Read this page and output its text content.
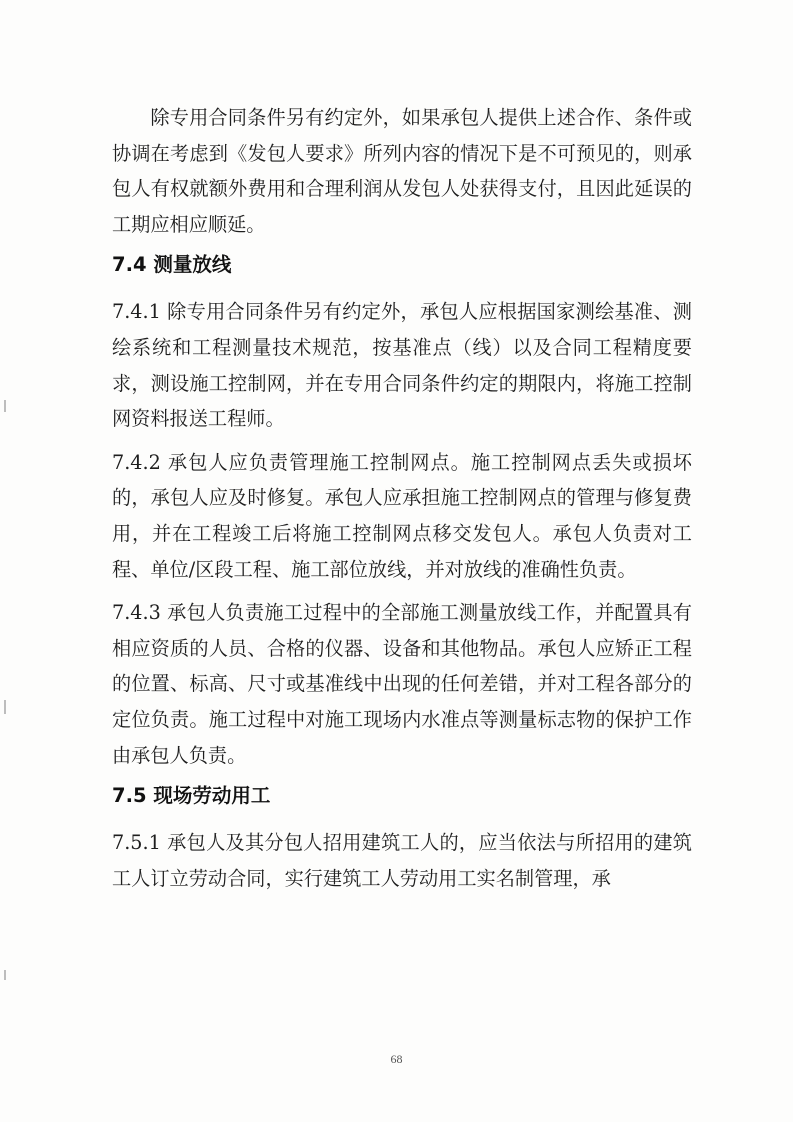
除专用合同条件另有约定外，如果承包人提供上述合作、条件或协调在考虑到《发包人要求》所列内容的情况下是不可预见的，则承包人有权就额外费用和合理利润从发包人处获得支付，且因此延误的工期应相应顺延。

7.4 测量放线

7.4.1 除专用合同条件另有约定外，承包人应根据国家测绘基准、测绘系统和工程测量技术规范，按基准点（线）以及合同工程精度要求，测设施工控制网，并在专用合同条件约定的期限内，将施工控制网资料报送工程师。

7.4.2 承包人应负责管理施工控制网点。施工控制网点丢失或损坏的，承包人应及时修复。承包人应承担施工控制网点的管理与修复费用，并在工程竣工后将施工控制网点移交发包人。承包人负责对工程、单位/区段工程、施工部位放线，并对放线的准确性负责。

7.4.3 承包人负责施工过程中的全部施工测量放线工作，并配置具有相应资质的人员、合格的仪器、设备和其他物品。承包人应矫正工程的位置、标高、尺寸或基准线中出现的任何差错，并对工程各部分的定位负责。施工过程中对施工现场内水准点等测量标志物的保护工作由承包人负责。

7.5 现场劳动用工

7.5.1 承包人及其分包人招用建筑工人的，应当依法与所招用的建筑工人订立劳动合同，实行建筑工人劳动用工实名制管理，承

68
